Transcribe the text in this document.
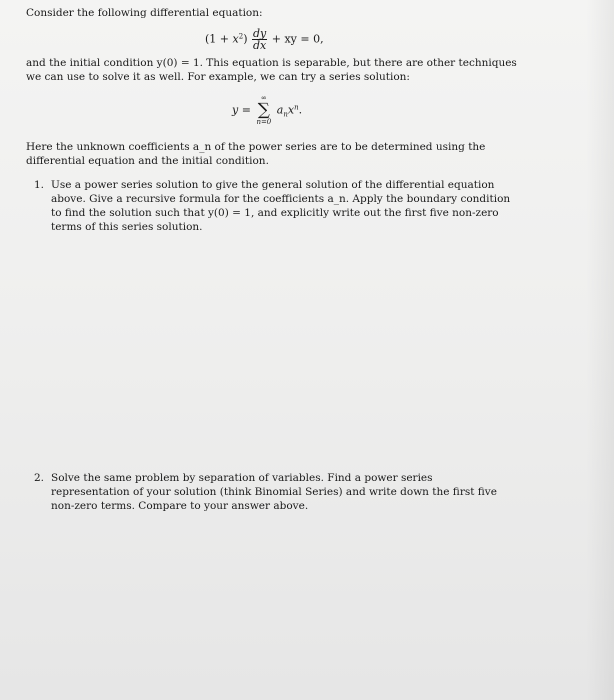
Consider the following differential equation:
$(1 + x^2) \frac{dy}{dx}$ + xy = 0,
and the initial condition y(0) = 1. This equation is separable, but there are other techniques we can use to solve it as well. For example, we can try a series solution:
y =
∞
∑
n=0
$a_nx^n$.
Here the unknown coefficients a_n of the power series are to be determined using the differential equation and the initial condition.
1. Use a power series solution to give the general solution of the differential equation above. Give a recursive formula for the coefficients a_n. Apply the boundary condition to find the solution such that y(0) = 1, and explicitly write out the first five non-zero terms of this series solution.
2. Solve the same problem by separation of variables. Find a power series representation of your solution (think Binomial Series) and write down the first five non-zero terms. Compare to your answer above.
